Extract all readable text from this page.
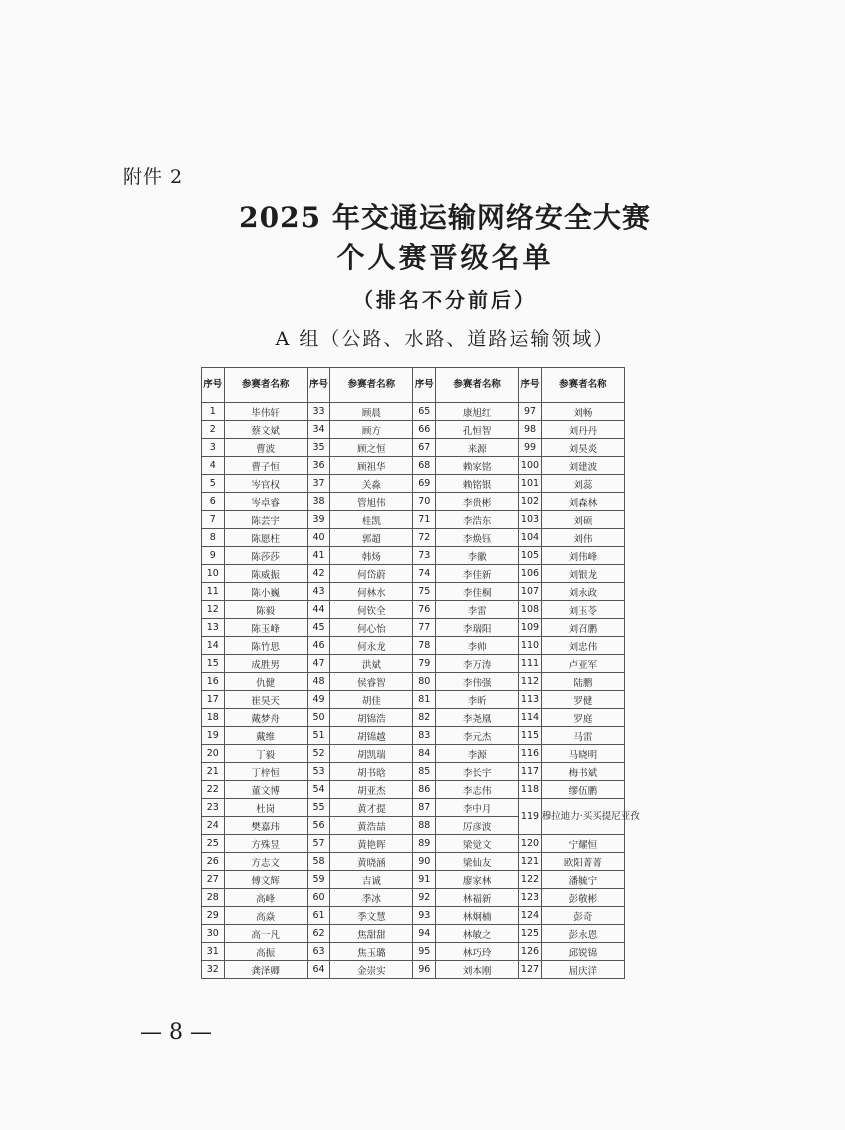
附件 2
2025 年交通运输网络安全大赛
个人赛晋级名单
（排名不分前后）
A 组（公路、水路、道路运输领域）
序号	参赛者名称	序号	参赛者名称	序号	参赛者名称	序号	参赛者名称
1	毕伟轩	33	顾晨	65	康旭红	97	刘畅
2	蔡文斌	34	顾方	66	孔恒智	98	刘丹丹
3	曹波	35	顾之恒	67	来源	99	刘昊炎
4	曹子恒	36	顾祖华	68	赖家铭	100	刘建波
5	岑官权	37	关淼	69	赖铭银	101	刘蕊
6	岑卓睿	38	管旭伟	70	李贵彬	102	刘森林
7	陈芸宇	39	桂凯	71	李浩东	103	刘硕
8	陈愿柱	40	郭超	72	李焕钰	104	刘伟
9	陈莎莎	41	韩炀	73	李徽	105	刘伟峰
10	陈威振	42	何岱蔚	74	李佳新	106	刘银龙
11	陈小巍	43	何林水	75	李佳桐	107	刘永政
12	陈毅	44	何钦全	76	李雷	108	刘玉苓
13	陈玉峰	45	何心怡	77	李瑞阳	109	刘召鹏
14	陈竹思	46	何永龙	78	李帅	110	刘忠伟
15	成胜男	47	洪斌	79	李万涛	111	卢亚军
16	仇健	48	侯睿智	80	李伟强	112	陆鹏
17	崔昊天	49	胡佳	81	李昕	113	罗健
18	戴梦舟	50	胡锦浩	82	李尧凰	114	罗庭
19	戴维	51	胡锦越	83	李元杰	115	马雷
20	丁毅	52	胡凯瑞	84	李源	116	马晓明
21	丁梓恒	53	胡书晗	85	李长宇	117	梅书斌
22	董文博	54	胡亚杰	86	李志伟	118	缪伍鹏
23	杜岗	55	黄才提	87	李中月	119	穆拉迪力·买买提尼亚孜
24	樊嘉玮	56	黄浩喆	88	厉彦波		
25	方殊昱	57	黄艳晖	89	梁觉文	120	宁耀恒
26	方志文	58	黄晓涵	90	梁仙友	121	欧阳菁菁
27	傅文辉	59	吉诚	91	廖家林	122	潘毓宁
28	高峰	60	季冰	92	林福新	123	彭敬彬
29	高焱	61	季文慧	93	林炯楠	124	彭奇
30	高一凡	62	焦甜甜	94	林敏之	125	彭永恩
31	高振	63	焦玉璐	95	林巧玲	126	邱锐锦
32	龚泽卿	64	金崇实	96	刘本刚	127	屈庆洋
— 8 —
